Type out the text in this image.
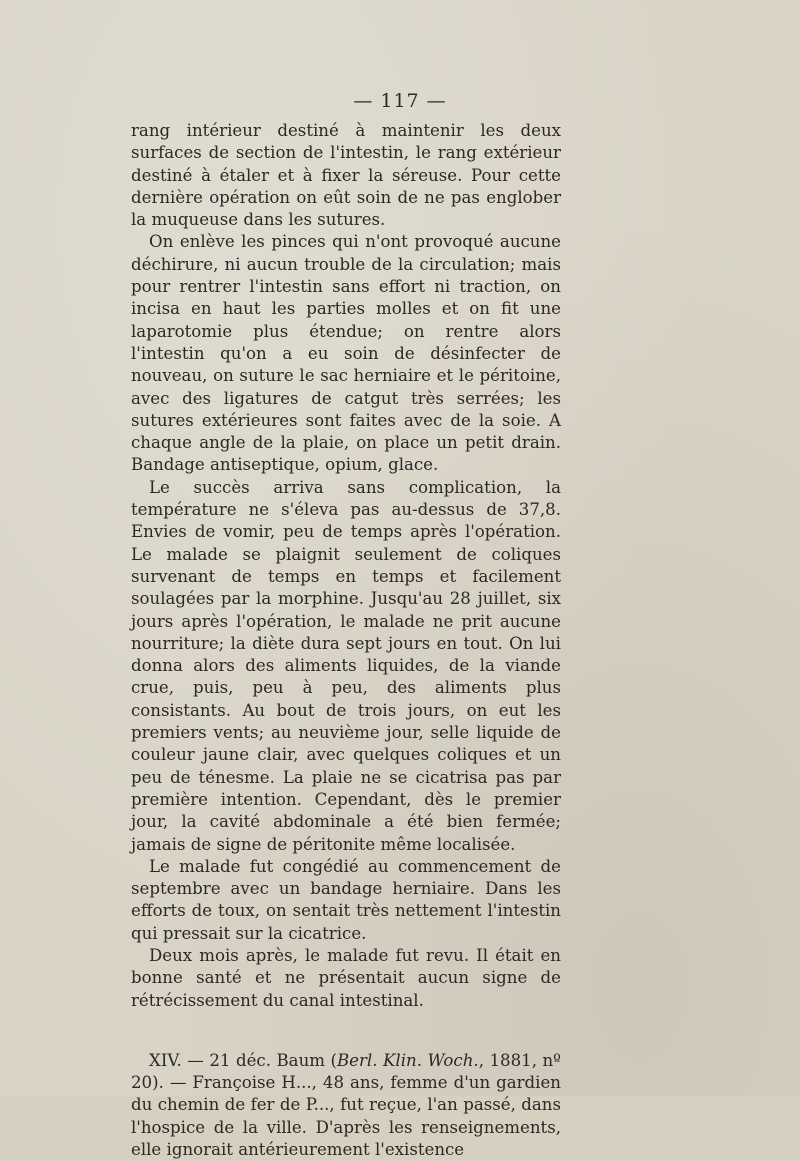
— 117 —

rang intérieur destiné à maintenir les deux surfaces de section de l'intestin, le rang extérieur destiné à étaler et à fixer la séreuse. Pour cette dernière opération on eût soin de ne pas englober la muqueuse dans les sutures.

On enlève les pinces qui n'ont provoqué aucune déchirure, ni aucun trouble de la circulation; mais pour rentrer l'intestin sans effort ni traction, on incisa en haut les parties molles et on fit une laparotomie plus étendue; on rentre alors l'intestin qu'on a eu soin de désinfecter de nouveau, on suture le sac herniaire et le péritoine, avec des ligatures de catgut très serrées; les sutures extérieures sont faites avec de la soie. A chaque angle de la plaie, on place un petit drain. Bandage antiseptique, opium, glace.

Le succès arriva sans complication, la température ne s'éleva pas au-dessus de 37,8. Envies de vomir, peu de temps après l'opération. Le malade se plaignit seulement de coliques survenant de temps en temps et facilement soulagées par la morphine. Jusqu'au 28 juillet, six jours après l'opération, le malade ne prit aucune nourriture; la diète dura sept jours en tout. On lui donna alors des aliments liquides, de la viande crue, puis, peu à peu, des aliments plus consistants. Au bout de trois jours, on eut les premiers vents; au neuvième jour, selle liquide de couleur jaune clair, avec quelques coliques et un peu de ténesme. La plaie ne se cicatrisa pas par première intention. Cependant, dès le premier jour, la cavité abdominale a été bien fermée; jamais de signe de péritonite même localisée.

Le malade fut congédié au commencement de septembre avec un bandage herniaire. Dans les efforts de toux, on sentait très nettement l'intestin qui pressait sur la cicatrice.

Deux mois après, le malade fut revu. Il était en bonne santé et ne présentait aucun signe de rétrécissement du canal intestinal.

XIV. — 21 déc. Baum (Berl. Klin. Woch., 1881, nº 20). — Françoise H..., 48 ans, femme d'un gardien du chemin de fer de P..., fut reçue, l'an passé, dans l'hospice de la ville. D'après les renseignements, elle ignorait antérieurement l'existence
